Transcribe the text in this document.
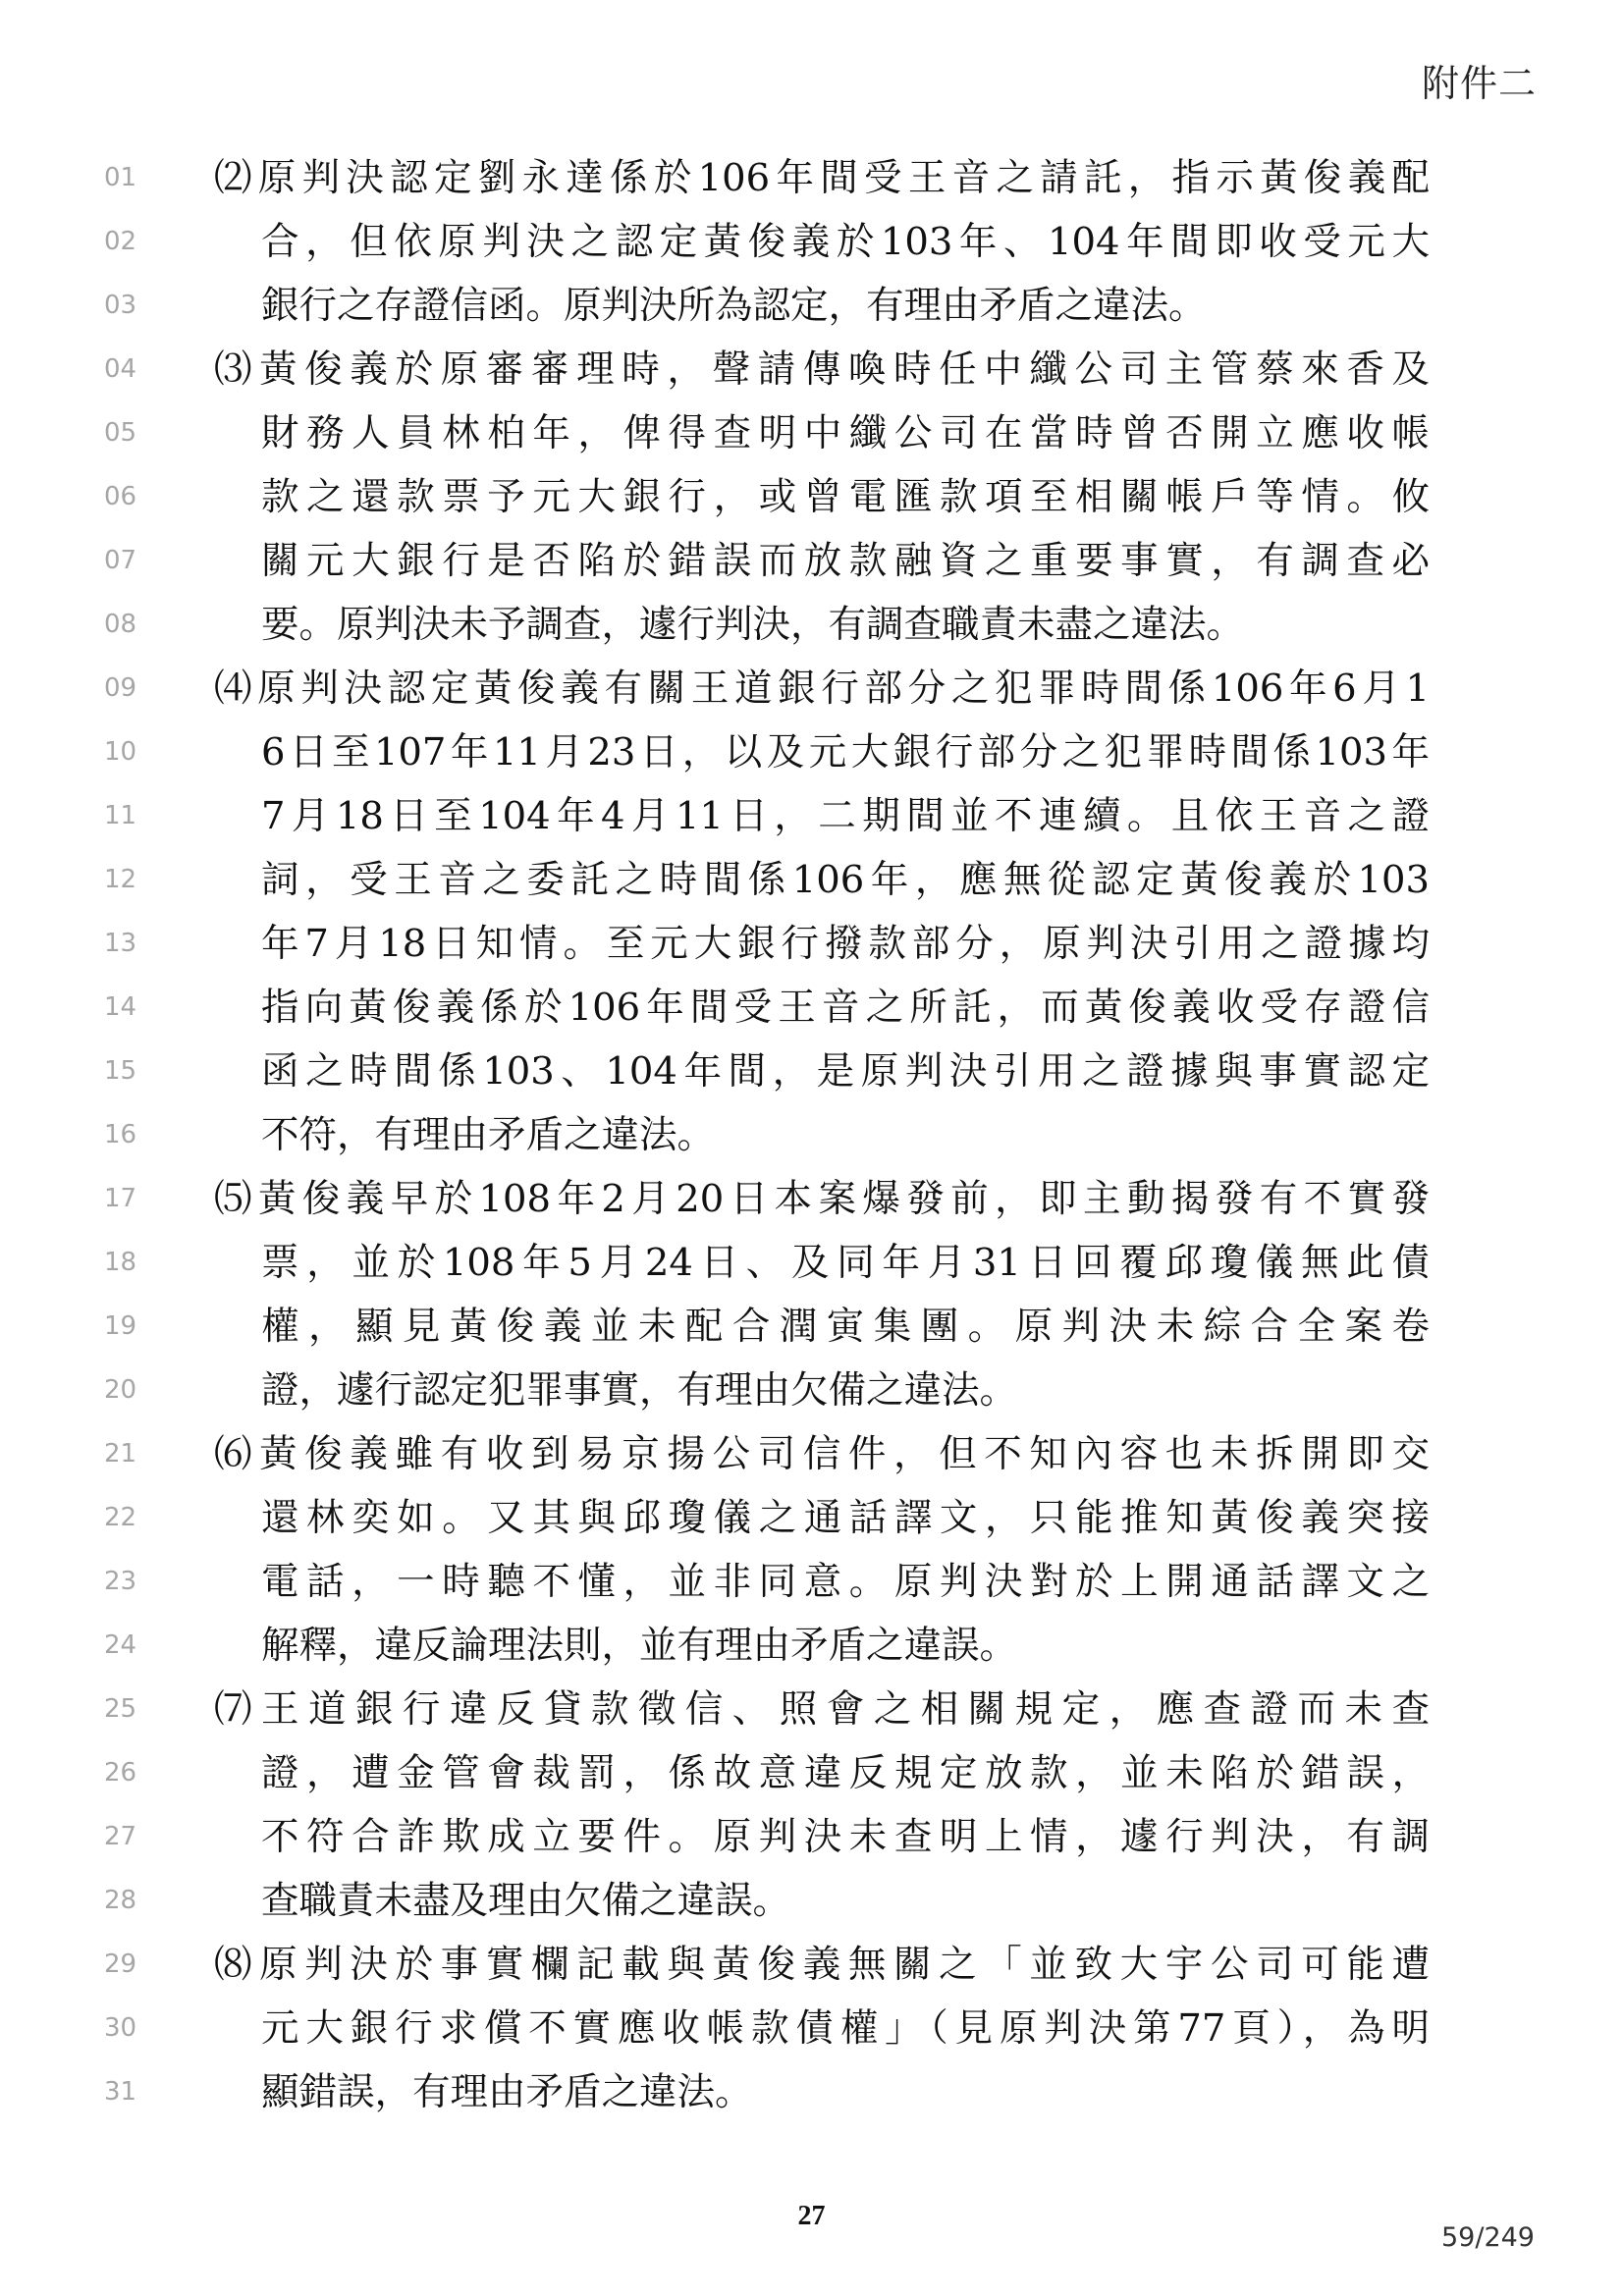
附件二
01	⑵原判決認定劉永達係於106年間受王音之請託，指示黃俊義配
02	合，但依原判決之認定黃俊義於103年、104年間即收受元大
03	銀行之存證信函。原判決所為認定，有理由矛盾之違法。
04	⑶黃俊義於原審審理時，聲請傳喚時任中纖公司主管蔡來香及
05	財務人員林柏年，俾得查明中纖公司在當時曾否開立應收帳
06	款之還款票予元大銀行，或曾電匯款項至相關帳戶等情。攸
07	關元大銀行是否陷於錯誤而放款融資之重要事實，有調查必
08	要。原判決未予調查，遽行判決，有調查職責未盡之違法。
09	⑷原判決認定黃俊義有關王道銀行部分之犯罪時間係106年6月1
10	6日至107年11月23日，以及元大銀行部分之犯罪時間係103年
11	7月18日至104年4月11日，二期間並不連續。且依王音之證
12	詞，受王音之委託之時間係106年，應無從認定黃俊義於103
13	年7月18日知情。至元大銀行撥款部分，原判決引用之證據均
14	指向黃俊義係於106年間受王音之所託，而黃俊義收受存證信
15	函之時間係103、104年間，是原判決引用之證據與事實認定
16	不符，有理由矛盾之違法。
17	⑸黃俊義早於108年2月20日本案爆發前，即主動揭發有不實發
18	票，並於108年5月24日、及同年月31日回覆邱瓊儀無此債
19	權，顯見黃俊義並未配合潤寅集團。原判決未綜合全案卷
20	證，遽行認定犯罪事實，有理由欠備之違法。
21	⑹黃俊義雖有收到易京揚公司信件，但不知內容也未拆開即交
22	還林奕如。又其與邱瓊儀之通話譯文，只能推知黃俊義突接
23	電話，一時聽不懂，並非同意。原判決對於上開通話譯文之
24	解釋，違反論理法則，並有理由矛盾之違誤。
25	⑺王道銀行違反貸款徵信、照會之相關規定，應查證而未查
26	證，遭金管會裁罰，係故意違反規定放款，並未陷於錯誤，
27	不符合詐欺成立要件。原判決未查明上情，遽行判決，有調
28	查職責未盡及理由欠備之違誤。
29	⑻原判決於事實欄記載與黃俊義無關之「並致大宇公司可能遭
30	元大銀行求償不實應收帳款債權」（見原判決第77頁），為明
31	顯錯誤，有理由矛盾之違法。
27
59/249
